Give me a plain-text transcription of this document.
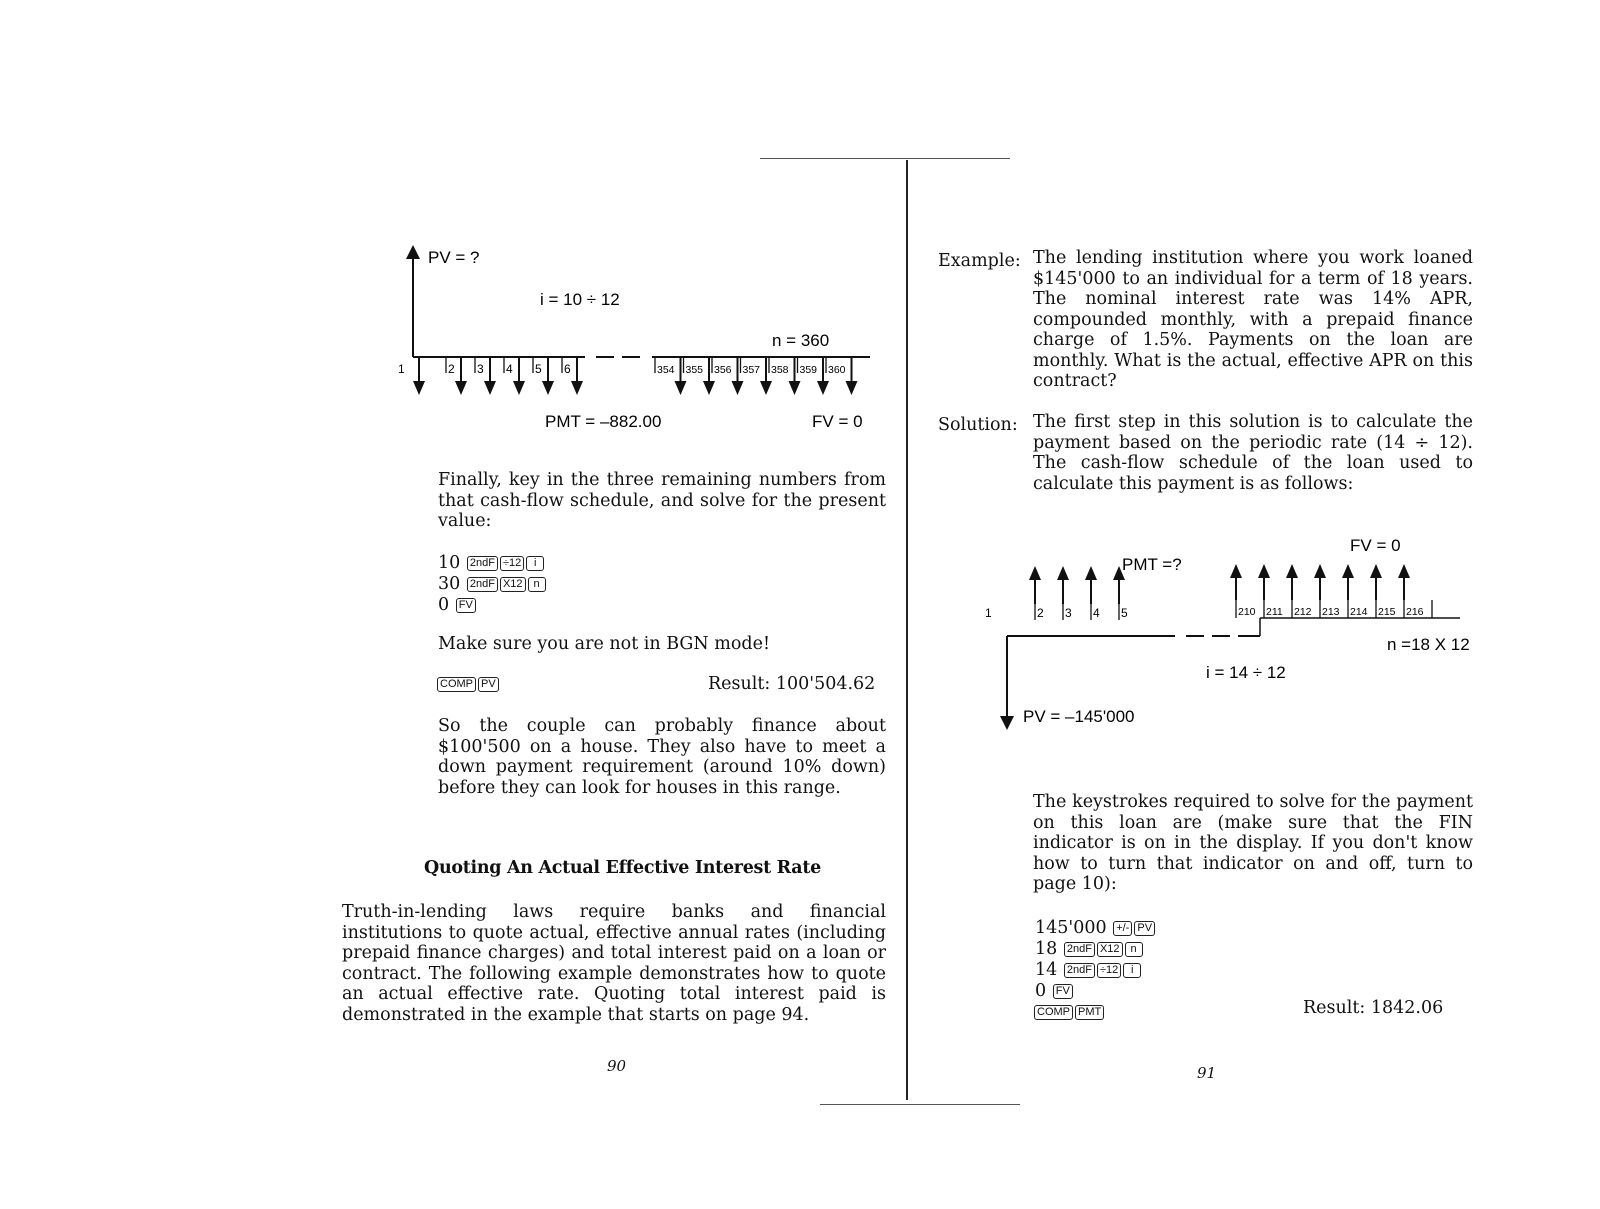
PV = ?
i = 10 ÷ 12
n = 360
1	2 3 4 5 6	354 355 356 357 358 359 360
PMT = –882.00	FV = 0
Finally, key in the three remaining numbers from that cash-flow schedule, and solve for the present value:
10 2ndF ÷12 i
30 2ndF X12 n
0 FV
Make sure you are not in BGN mode!
COMP PV	Result: 100'504.62
So the couple can probably finance about $100'500 on a house. They also have to meet a down payment requirement (around 10% down) before they can look for houses in this range.
Quoting An Actual Effective Interest Rate
Truth-in-lending laws require banks and financial institutions to quote actual, effective annual rates (including prepaid finance charges) and total interest paid on a loan or contract. The following example demonstrates how to quote an actual effective rate. Quoting total interest paid is demonstrated in the example that starts on page 94.
90
Example: The lending institution where you work loaned $145'000 to an individual for a term of 18 years. The nominal interest rate was 14% APR, compounded monthly, with a prepaid finance charge of 1.5%. Payments on the loan are monthly. What is the actual, effective APR on this contract?
Solution: The first step in this solution is to calculate the payment based on the periodic rate (14 ÷ 12). The cash-flow schedule of the loan used to calculate this payment is as follows:
FV = 0
PMT =?
1	2 3 4 5	210 211 212 213 214 215 216
n =18 X 12
i = 14 ÷ 12
PV = –145'000
The keystrokes required to solve for the payment on this loan are (make sure that the FIN indicator is on in the display. If you don't know how to turn that indicator on and off, turn to page 10):
145'000 +/- PV
18 2ndF X12 n
14 2ndF ÷12 i
0 FV
COMP PMT	Result: 1842.06
91
